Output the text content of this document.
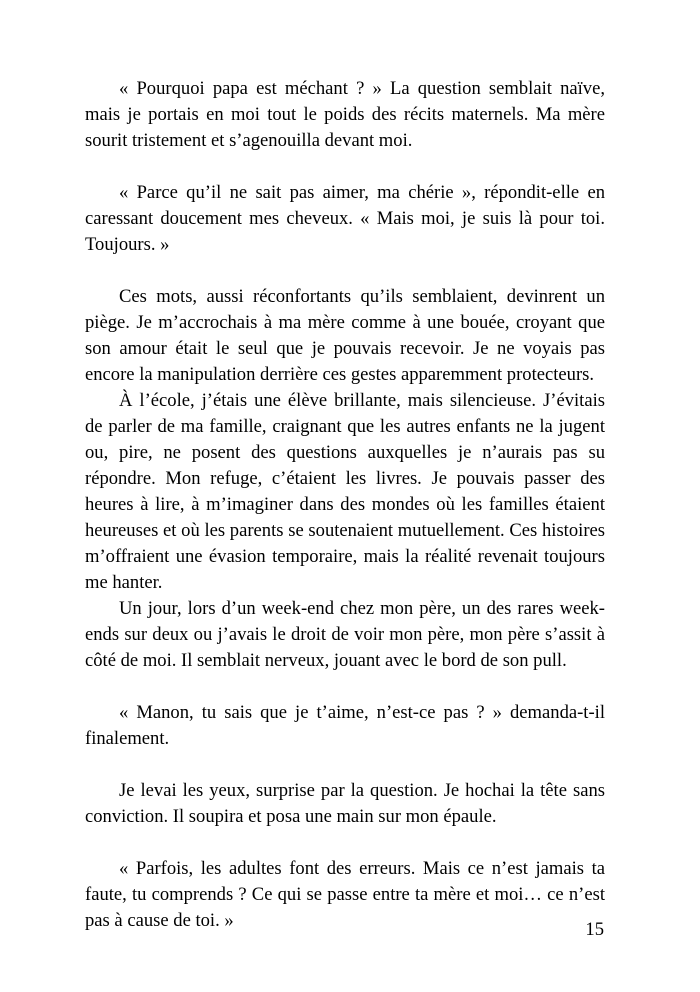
« Pourquoi papa est méchant ? » La question semblait naïve, mais je portais en moi tout le poids des récits maternels. Ma mère sourit tristement et s’agenouilla devant moi.

« Parce qu’il ne sait pas aimer, ma chérie », répondit-elle en caressant doucement mes cheveux. « Mais moi, je suis là pour toi. Toujours. »

Ces mots, aussi réconfortants qu’ils semblaient, devinrent un piège. Je m’accrochais à ma mère comme à une bouée, croyant que son amour était le seul que je pouvais recevoir. Je ne voyais pas encore la manipulation derrière ces gestes apparemment protecteurs.

À l’école, j’étais une élève brillante, mais silencieuse. J’évitais de parler de ma famille, craignant que les autres enfants ne la jugent ou, pire, ne posent des questions auxquelles je n’aurais pas su répondre. Mon refuge, c’étaient les livres. Je pouvais passer des heures à lire, à m’imaginer dans des mondes où les familles étaient heureuses et où les parents se soutenaient mutuellement. Ces histoires m’offraient une évasion temporaire, mais la réalité revenait toujours me hanter.

Un jour, lors d’un week-end chez mon père, un des rares week-ends sur deux ou j’avais le droit de voir mon père, mon père s’assit à côté de moi. Il semblait nerveux, jouant avec le bord de son pull.

« Manon, tu sais que je t’aime, n’est-ce pas ? » demanda-t-il finalement.

Je levai les yeux, surprise par la question. Je hochai la tête sans conviction. Il soupira et posa une main sur mon épaule.

« Parfois, les adultes font des erreurs. Mais ce n’est jamais ta faute, tu comprends ? Ce qui se passe entre ta mère et moi… ce n’est pas à cause de toi. »	15
